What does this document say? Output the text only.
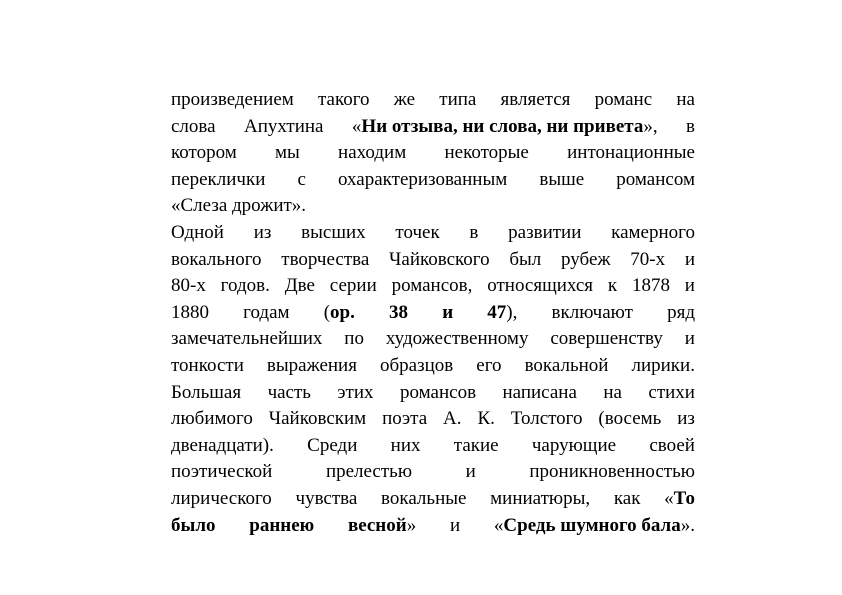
произведением такого же типа является романс на
слова Апухтина «Ни отзыва, ни слова, ни привета», в
котором мы находим некоторые интонационные
переклички с охарактеризованным выше романсом
«Слеза дрожит».
Одной из высших точек в развитии камерного
вокального творчества Чайковского был рубеж 70-х и
80-х годов. Две серии романсов, относящихся к 1878 и
1880 годам (ор. 38 и 47), включают ряд
замечательнейших по художественному совершенству и
тонкости выражения образцов его вокальной лирики.
Большая часть этих романсов написана на стихи
любимого Чайковским поэта А. К. Толстого (восемь из
двенадцати). Среди них такие чарующие своей
поэтической	прелестью	и	проникновенностью
лирического чувства вокальные миниатюры, как «То
было раннею весной» и «Средь шумного бала».
